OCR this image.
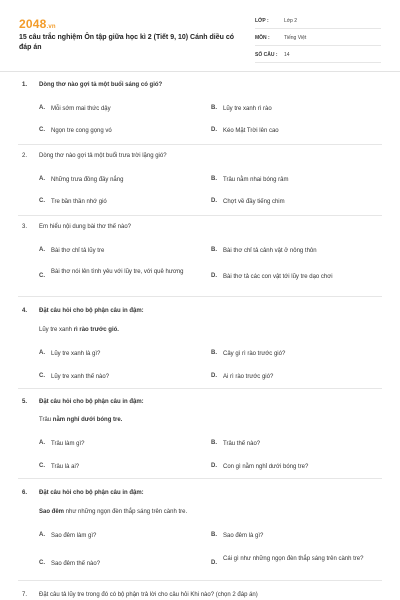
2048.vn
15 câu trắc nghiệm Ôn tập giữa học kì 2 (Tiết 9, 10) Cánh diều có đáp án
LỚP :	Lớp 2
MÔN :	Tiếng Việt
SỐ CÂU : 14
1. Dòng thơ nào gợi tả một buổi sáng có gió?
A. Mỗi sớm mai thức dậy	B. Lũy tre xanh rì rào
C. Ngọn tre cong gọng vó	D. Kéo Mặt Trời lên cao
2. Dòng thơ nào gợi tả một buổi trưa trời lặng gió?
A. Những trưa đồng đầy nắng	B. Trâu nằm nhai bóng râm
C. Tre bần thần nhớ gió	D. Chợt về đầy tiếng chim
3. Em hiểu nội dung bài thơ thế nào?
A. Bài thơ chỉ tả lũy tre	B. Bài thơ chỉ tả cảnh vật ở nông thôn
C.
Bài thơ nói lên tình yêu với lũy tre, với quê hương
D. Bài thơ tả các con vật tới lũy tre dạo chơi
4. Đặt câu hỏi cho bộ phận câu in đậm:
Lũy tre xanh rì rào trước gió.
A. Lũy tre xanh là gì?	B. Cây gì rì rào trước gió?
C. Lũy tre xanh thế nào?	D. Ai rì rào trước gió?
5. Đặt câu hỏi cho bộ phận câu in đậm:
Trâu nằm nghỉ dưới bóng tre.
A. Trâu làm gì?	B. Trâu thế nào?
C. Trâu là ai?	D. Con gì nằm nghỉ dưới bóng tre?
6. Đặt câu hỏi cho bộ phận câu in đậm:
Sao đêm như những ngọn đèn thắp sáng trên cành tre.
A. Sao đêm làm gì?	B. Sao đêm là gì?
C. Sao đêm thế nào?	D.
Cái gì như những ngọn đèn thắp sáng trên cành tre?
7. Đặt câu tả lũy tre trong đó có bộ phận trả lời cho câu hỏi Khi nào? (chọn 2 đáp án)
